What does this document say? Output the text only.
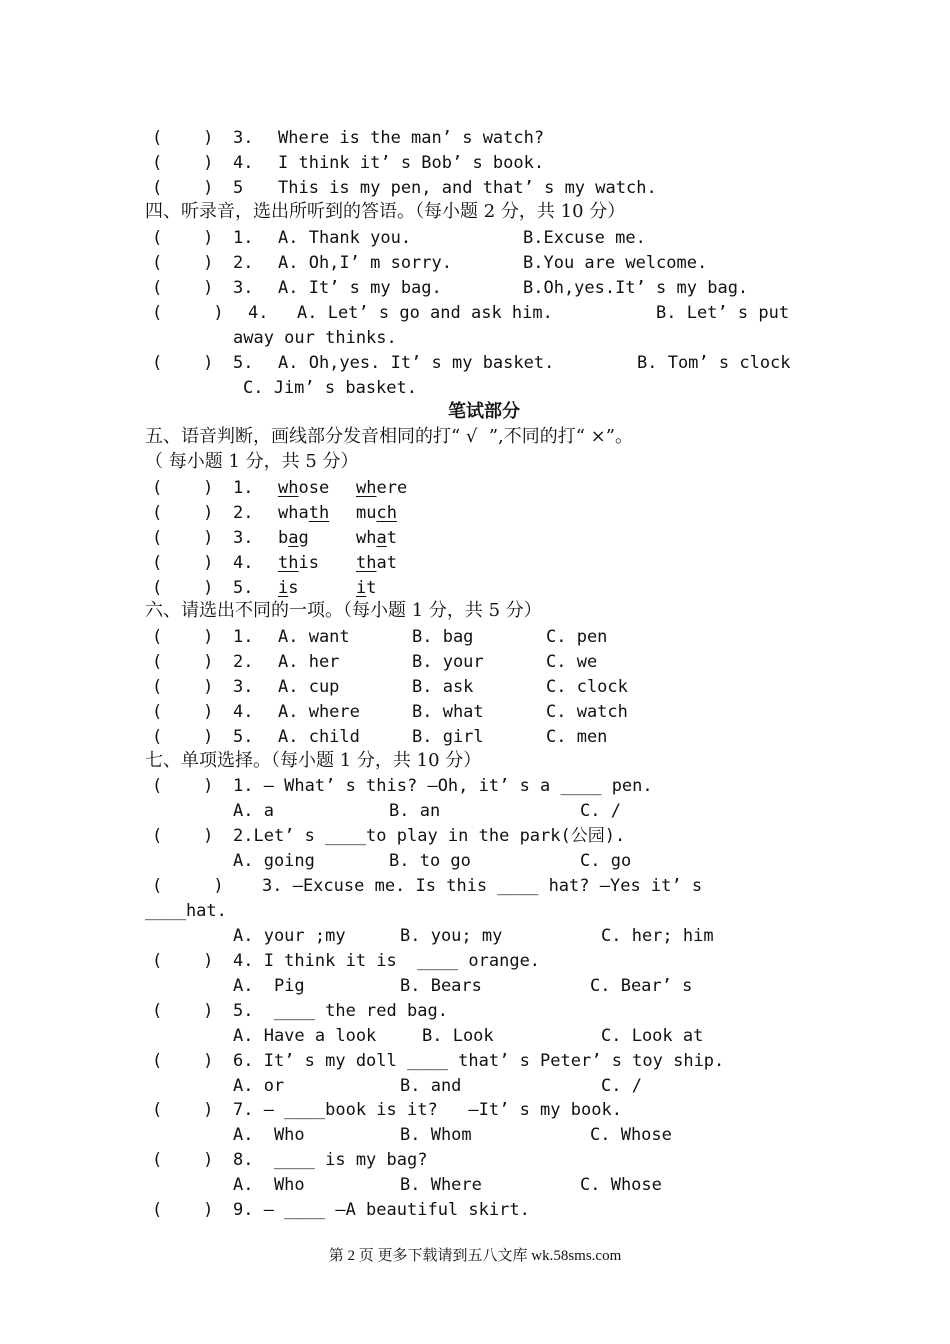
(    ) 3. Where is the man’ s watch?
(    ) 4. I think it’ s Bob’ s book.
(    ) 5 This is my pen, and that’ s my watch.
四、听录音，选出所听到的答语。（每小题 2 分，共 10 分）
(    ) 1. A. Thank you.	B.Excuse me.
(    ) 2. A. Oh,I’ m sorry.	B.You are welcome.
(    ) 3. A. It’ s my bag.	B.Oh,yes.It’ s my bag.
(     ) 4. A. Let’ s go and ask him.	B. Let’ s put
away our thinks.
(    ) 5. A. Oh,yes. It’ s my basket.	B. Tom’ s clock
C. Jim’ s basket.
笔试部分
五、语音判断，画线部分发音相同的打“ √  ”,不同的打“ ×”。
（ 每小题 1 分，共 5 分）
(    ) 1. whose where
(    ) 2. whath much
(    ) 3. bag	what
(    ) 4. this that
(    ) 5. is	it
六、请选出不同的一项。（每小题 1 分，共 5 分）
(    ) 1. A. want	B. bag	C. pen
(    ) 2. A. her	B. your	C. we
(    ) 3. A. cup	B. ask	C. clock
(    ) 4. A. where	B. what	C. watch
(    ) 5. A. child	B. girl	C. men
七、单项选择。（每小题 1 分，共 10 分）
(    ) 1. — What’ s this? —Oh, it’ s a ____ pen.
A. a	B. an	C. /
(    ) 2.Let’ s ____to play in the park(公园).
A. going	B. to go	C. go
(     ) 3. —Excuse me. Is this ____ hat? —Yes it’ s
____hat.
A. your ;my	B. you; my	C. her; him
(    ) 4. I think it is  ____ orange.
A.  Pig	B. Bears	C. Bear’ s
(    ) 5.  ____ the red bag.
A. Have a look	B. Look	C. Look at
(    ) 6. It’ s my doll ____ that’ s Peter’ s toy ship.
A. or	B. and	C. /
(    ) 7. — ____book is it?   —It’ s my book.
A.  Who	B. Whom	C. Whose
(    ) 8.  ____ is my bag?
A.  Who	B. Where	C. Whose
(    ) 9. — ____ —A beautiful skirt.
第 2 页 更多下载请到五八文库 wk.58sms.com
